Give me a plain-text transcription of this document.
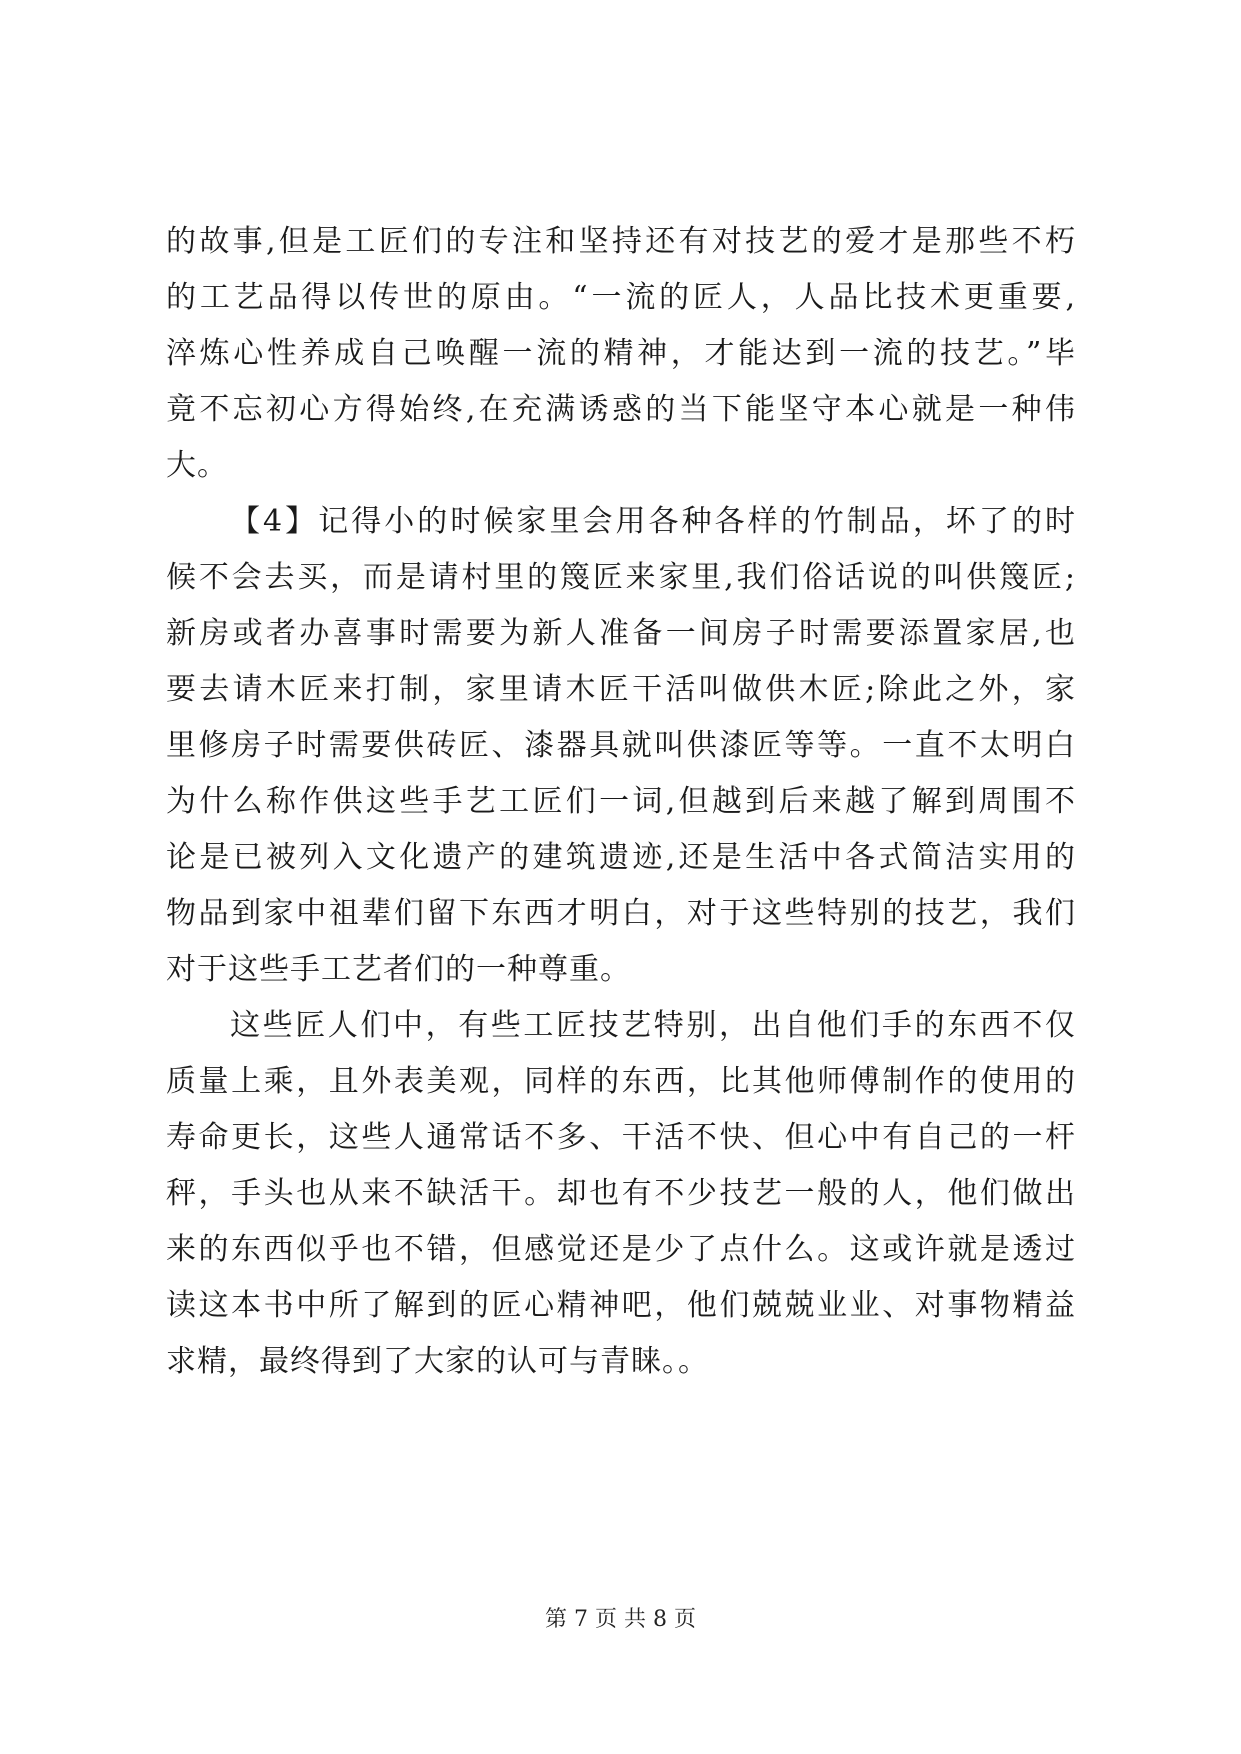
的故事,但是工匠们的专注和坚持还有对技艺的爱才是那些不朽
的工艺品得以传世的原由。“一流的匠人，人品比技术更重要,
淬炼心性养成自己唤醒一流的精神，才能达到一流的技艺。”毕
竟不忘初心方得始终,在充满诱惑的当下能坚守本心就是一种伟
大。
【4】记得小的时候家里会用各种各样的竹制品，坏了的时
候不会去买，而是请村里的篾匠来家里,我们俗话说的叫供篾匠;
新房或者办喜事时需要为新人准备一间房子时需要添置家居,也
要去请木匠来打制，家里请木匠干活叫做供木匠;除此之外，家
里修房子时需要供砖匠、漆器具就叫供漆匠等等。一直不太明白
为什么称作供这些手艺工匠们一词,但越到后来越了解到周围不
论是已被列入文化遗产的建筑遗迹,还是生活中各式简洁实用的
物品到家中祖辈们留下东西才明白，对于这些特别的技艺，我们
对于这些手工艺者们的一种尊重。
这些匠人们中，有些工匠技艺特别，出自他们手的东西不仅
质量上乘，且外表美观，同样的东西，比其他师傅制作的使用的
寿命更长，这些人通常话不多、干活不快、但心中有自己的一杆
秤，手头也从来不缺活干。却也有不少技艺一般的人，他们做出
来的东西似乎也不错，但感觉还是少了点什么。这或许就是透过
读这本书中所了解到的匠心精神吧，他们兢兢业业、对事物精益
求精，最终得到了大家的认可与青睐。。
第 7 页 共 8 页
